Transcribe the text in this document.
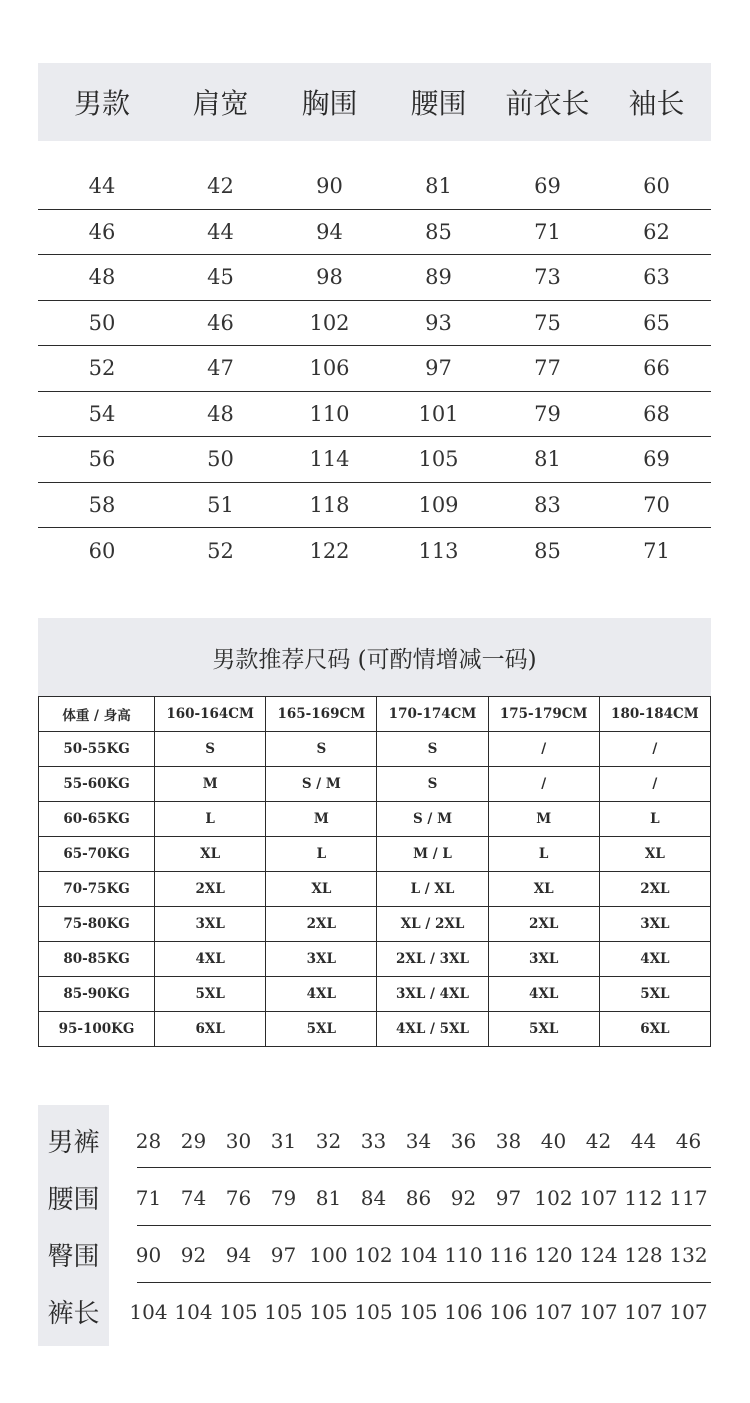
男款	肩宽	胸围	腰围	前衣长	袖长
44	42	90	81	69	60
46	44	94	85	71	62
48	45	98	89	73	63
50	46	102	93	75	65
52	47	106	97	77	66
54	48	110	101	79	68
56	50	114	105	81	69
58	51	118	109	83	70
60	52	122	113	85	71
男款推荐尺码 (可酌情增减一码)
体重 / 身高	160-164CM	165-169CM	170-174CM	175-179CM	180-184CM
50-55KG	S	S	S	/	/
55-60KG	M	S / M	S	/	/
60-65KG	L	M	S / M	M	L
65-70KG	XL	L	M / L	L	XL
70-75KG	2XL	XL	L / XL	XL	2XL
75-80KG	3XL	2XL	XL / 2XL	2XL	3XL
80-85KG	4XL	3XL	2XL / 3XL	3XL	4XL
85-90KG	5XL	4XL	3XL / 4XL	4XL	5XL
95-100KG	6XL	5XL	4XL / 5XL	5XL	6XL
男裤	28 29 30 31 32 33 34 36 38 40 42 44 46
腰围	71 74 76 79 81 84 86 92 97 102 107 112 117
臀围	90 92 94 97 100 102 104 110 116 120 124 128 132
裤长	104 104 105 105 105 105 105 106 106 107 107 107 107
